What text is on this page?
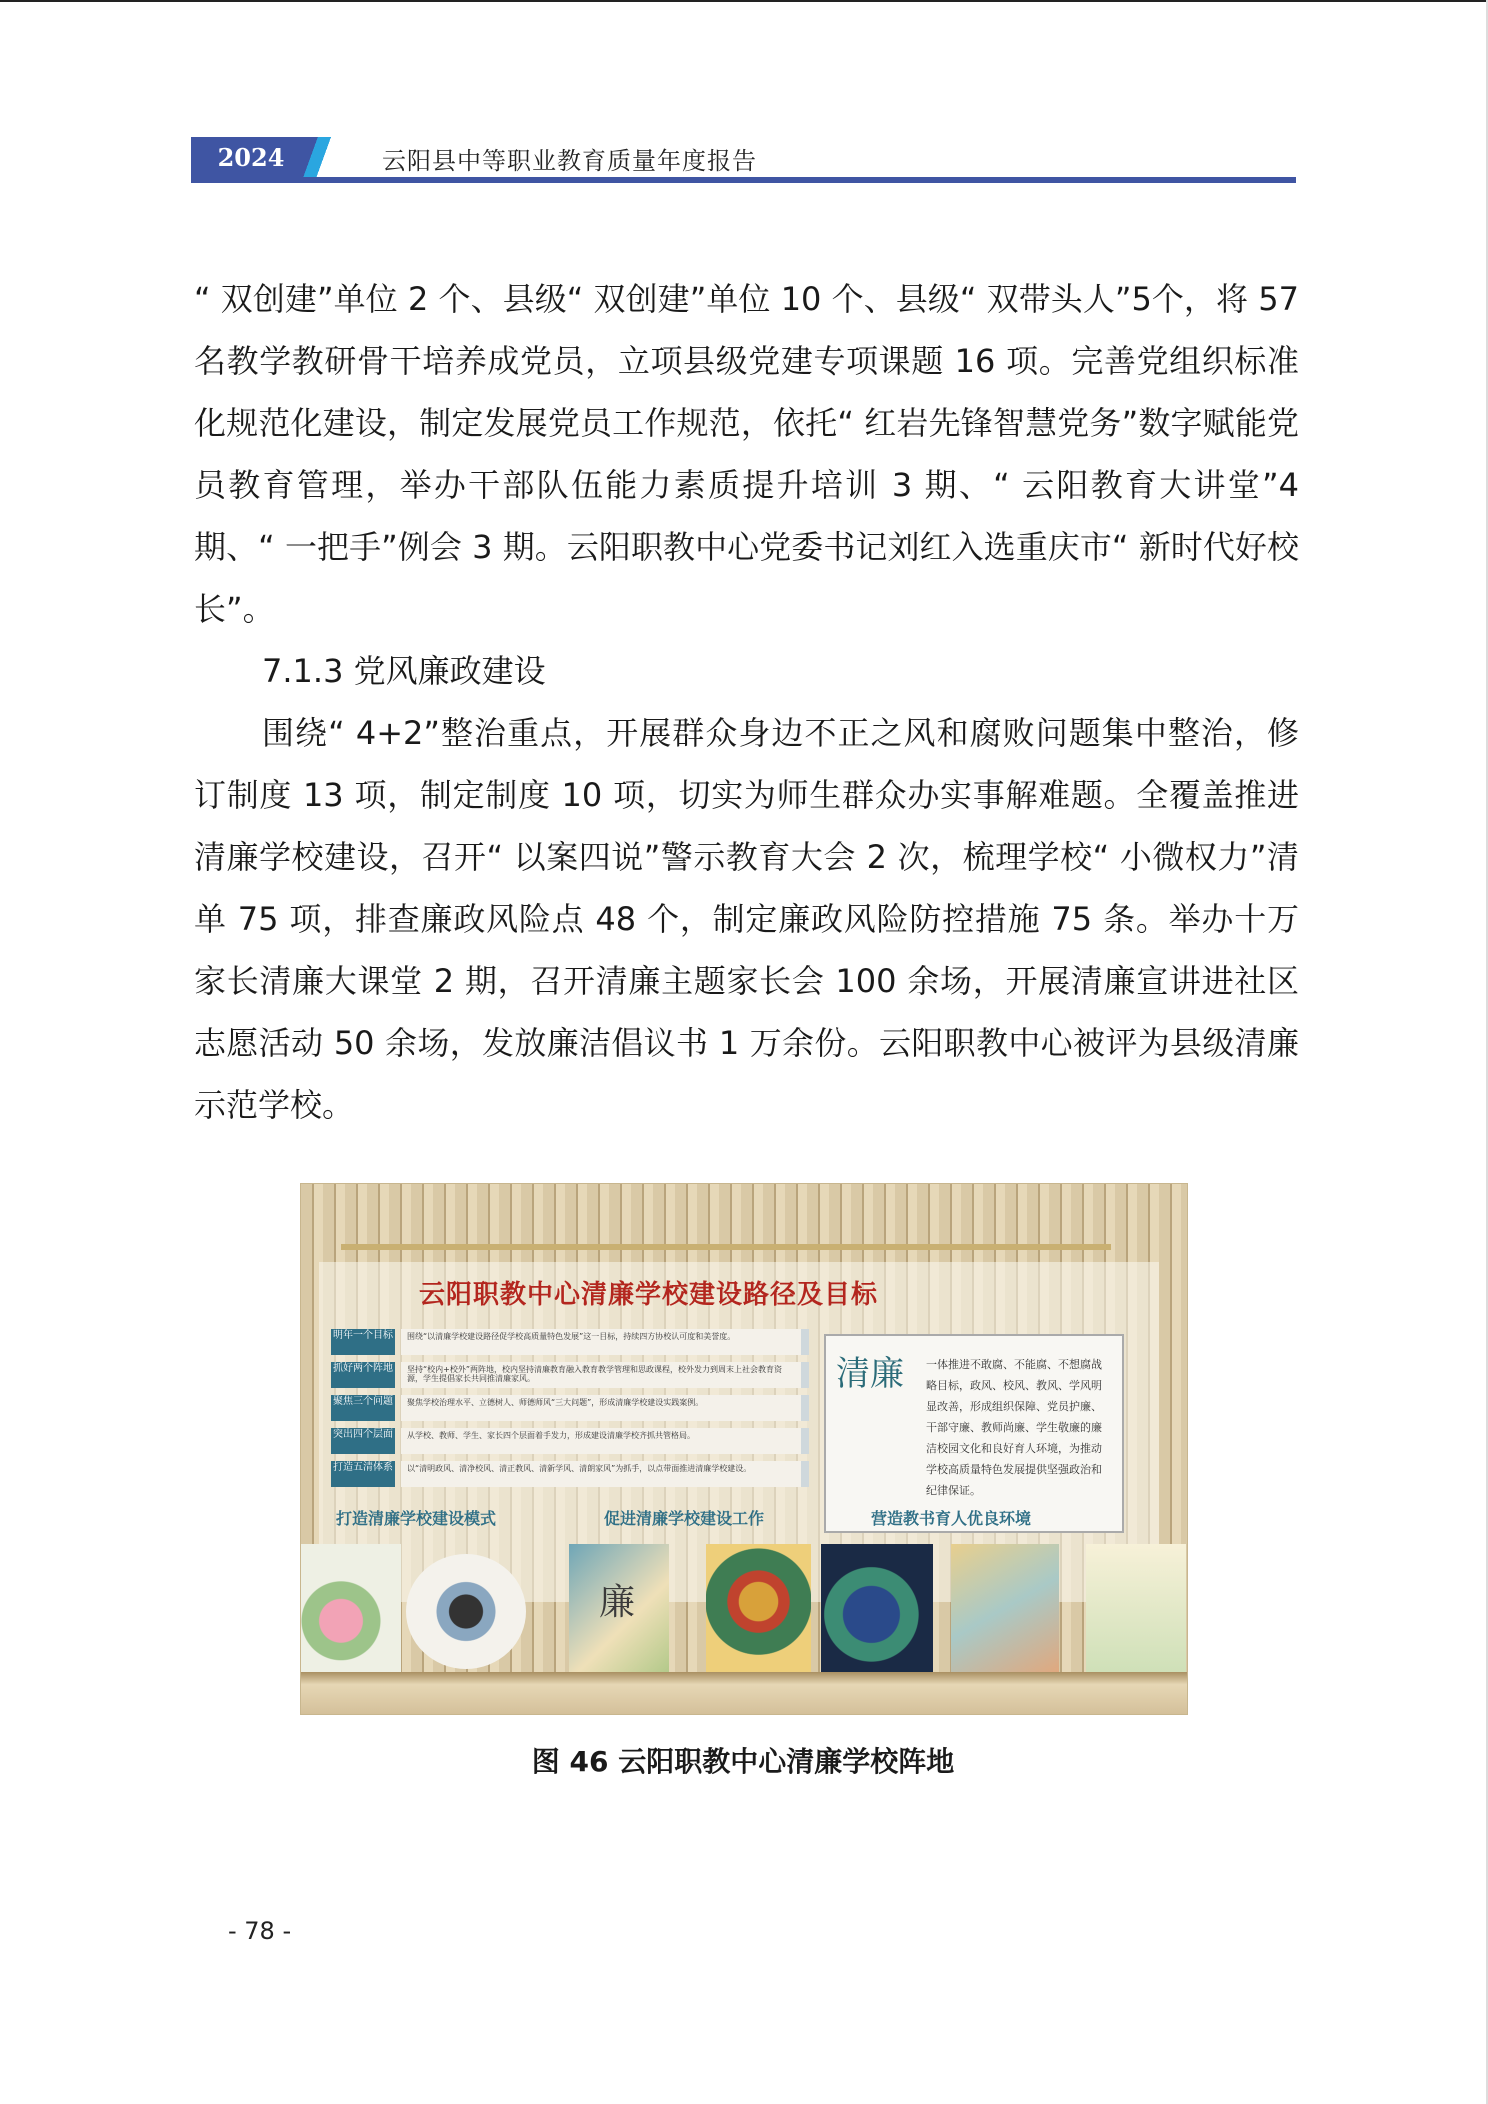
2024	云阳县中等职业教育质量年度报告

“ 双创建”单位 2 个、县级“ 双创建”单位 10 个、县级“ 双带头人”5个，将 57 名教学教研骨干培养成党员，立项县级党建专项课题 16 项。完善党组织标准化规范化建设，制定发展党员工作规范，依托“ 红岩先锋智慧党务”数字赋能党员教育管理，举办干部队伍能力素质提升培训 3 期、“ 云阳教育大讲堂”4 期、“ 一把手”例会 3 期。云阳职教中心党委书记刘红入选重庆市“ 新时代好校长”。

7.1.3 党风廉政建设

围绕“ 4+2”整治重点，开展群众身边不正之风和腐败问题集中整治，修订制度 13 项，制定制度 10 项，切实为师生群众办实事解难题。全覆盖推进清廉学校建设，召开“ 以案四说”警示教育大会 2 次，梳理学校“ 小微权力”清单 75 项，排查廉政风险点 48 个，制定廉政风险防控措施 75 条。举办十万家长清廉大课堂 2 期，召开清廉主题家长会 100 余场，开展清廉宣讲进社区志愿活动 50 余场，发放廉洁倡议书 1 万余份。云阳职教中心被评为县级清廉示范学校。

云阳职教中心清廉学校建设路径及目标
明年一个目标
抓好两个阵地
聚焦三个问题
突出四个层面
打造五清体系
围绕“以清廉学校建设路径促学校高质量特色发展”这一目标，持续四方协校认可度和美誉度。
坚持“校内+校外”两阵地，校内坚持清廉教育融入教育教学管理和思政课程，校外发力到周末上社会教育资源，学生提倡家长共同推清廉家风。
聚焦学校治理水平、立德树人、师德师风“三大问题”，形成清廉学校建设实践案例。
从学校、教师、学生、家长四个层面着手发力，形成建设清廉学校齐抓共管格局。
以“清明政风、清净校风、清正教风、清新学风、清朗家风”为抓手，以点带面推进清廉学校建设。
清廉 一体推进不敢腐、不能腐、不想腐战略目标，政风、校风、教风、学风明显改善，形成组织保障、党员护廉、干部守廉、教师尚廉、学生敬廉的廉洁校园文化和良好育人环境，为推动学校高质量特色发展提供坚强政治和纪律保证。
打造清廉学校建设模式	促进清廉学校建设工作	营造教书育人优良环境
廉
图 46 云阳职教中心清廉学校阵地
- 78 -
